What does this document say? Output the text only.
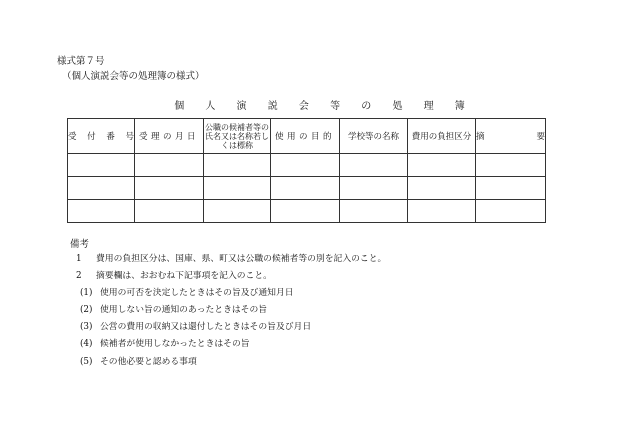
様式第７号
（個人演説会等の処理簿の様式）
個 人 演 説 会 等 の 処 理 簿
受付番号	受理の月日	公職の候補者等の氏名又は名称若しくは標称	使用の目的	学校等の名称	費用の負担区分	摘要

備考
1 費用の負担区分は、国庫、県、町又は公職の候補者等の別を記入のこと。
2 摘要欄は、おおむね下記事項を記入のこと。
(1) 使用の可否を決定したときはその旨及び通知月日
(2) 使用しない旨の通知のあったときはその旨
(3) 公営の費用の収納又は還付したときはその旨及び月日
(4) 候補者が使用しなかったときはその旨
(5) その他必要と認める事項
